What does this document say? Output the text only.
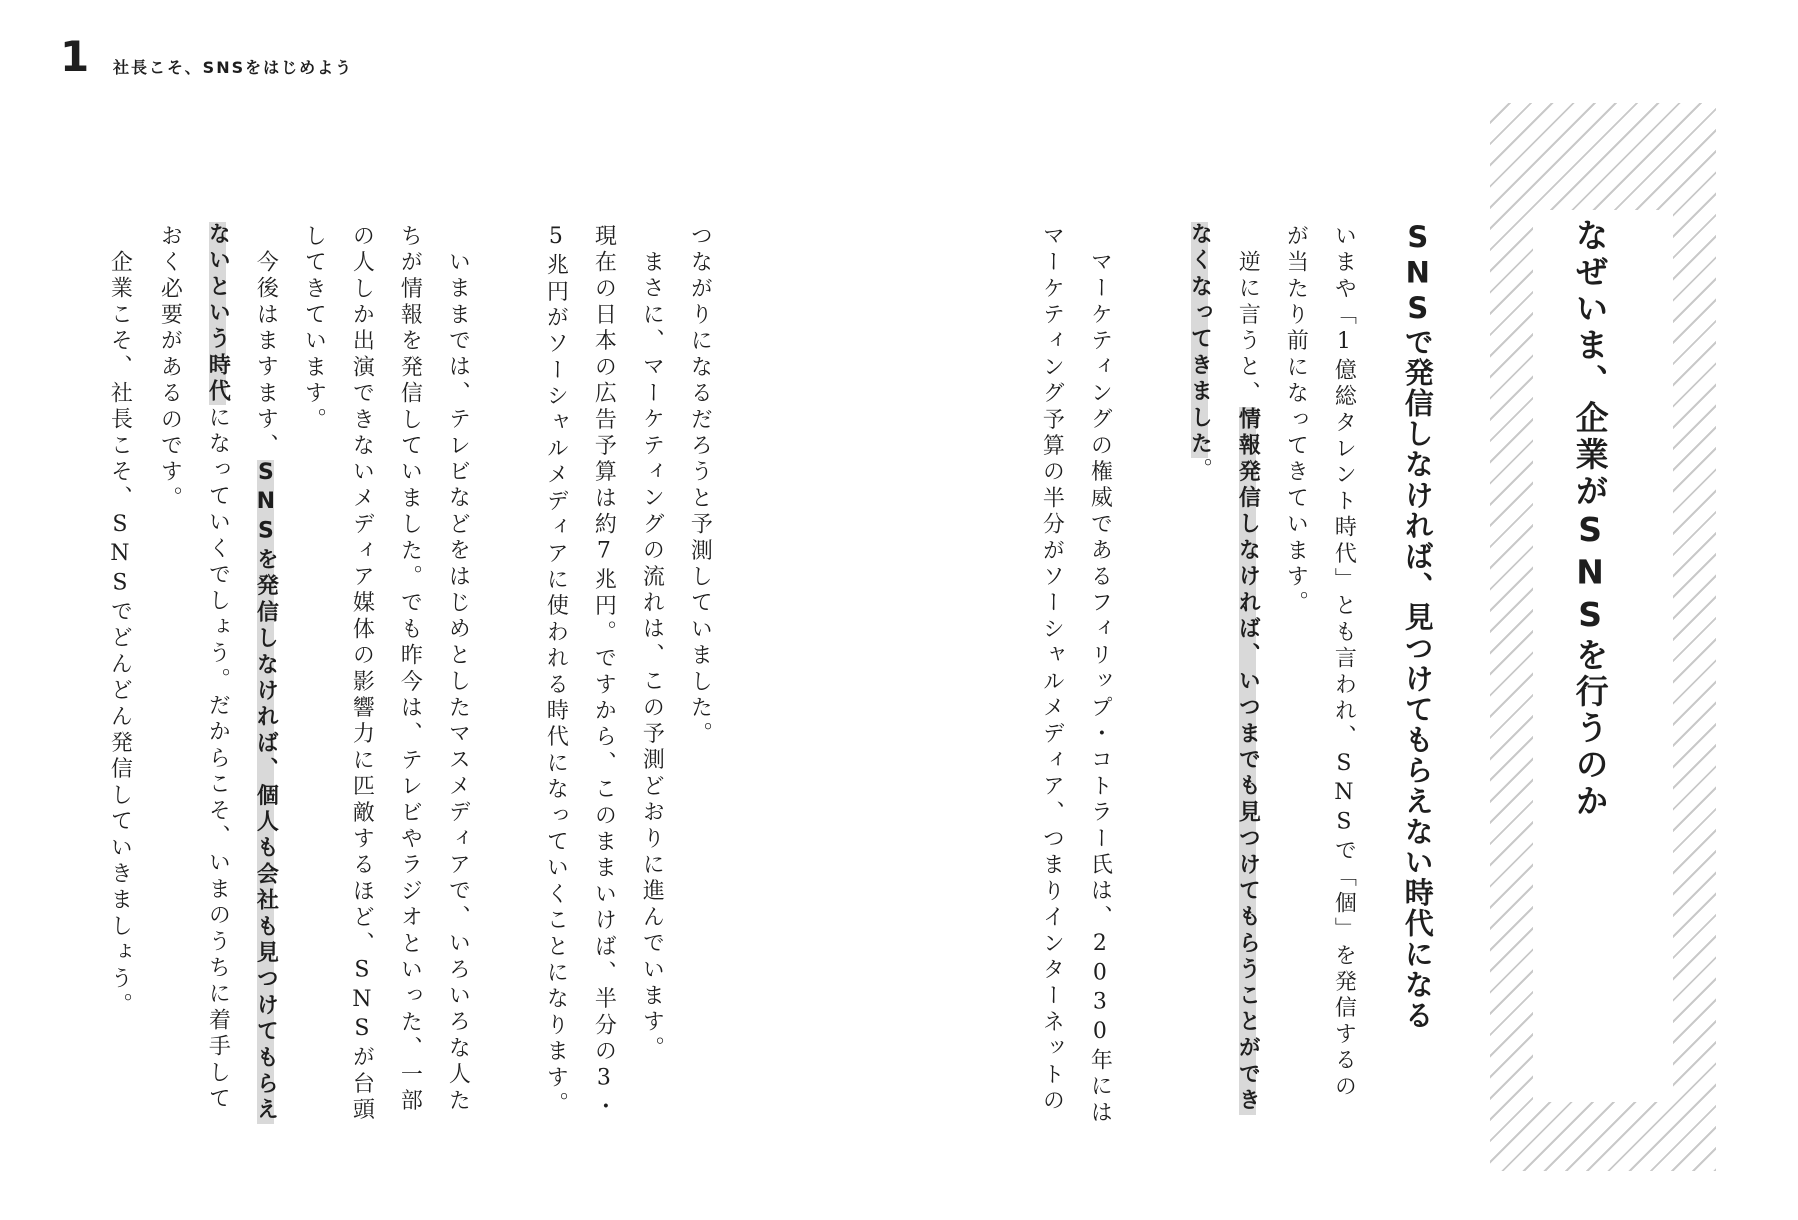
1 社長こそ、SNSをはじめよう

なぜいま、企業がSNSを行うのか

SNSで発信しなければ、見つけてもらえない時代になる

いまや「1億総タレント時代」とも言われ、SNSで「個」を発信するの

が当たり前になってきています。

逆に言うと、情報発信しなければ、いつまでも見つけてもらうことができ

なくなってきました。

マーケティングの権威であるフィリップ・コトラー氏は、2030年には

マーケティング予算の半分がソーシャルメディア、つまりインターネットの

つながりになるだろうと予測していました。

まさに、マーケティングの流れは、この予測どおりに進んでいます。

現在の日本の広告予算は約7兆円。ですから、このままいけば、半分の3・

5兆円がソーシャルメディアに使われる時代になっていくことになります。

いままでは、テレビなどをはじめとしたマスメディアで、いろいろな人た

ちが情報を発信していました。でも昨今は、テレビやラジオといった、一部

の人しか出演できないメディア媒体の影響力に匹敵するほど、SNSが台頭

してきています。

今後はますます、SNSを発信しなければ、個人も会社も見つけてもらえ

ないという時代になっていくでしょう。だからこそ、いまのうちに着手して

おく必要があるのです。

企業こそ、社長こそ、SNSでどんどん発信していきましょう。
